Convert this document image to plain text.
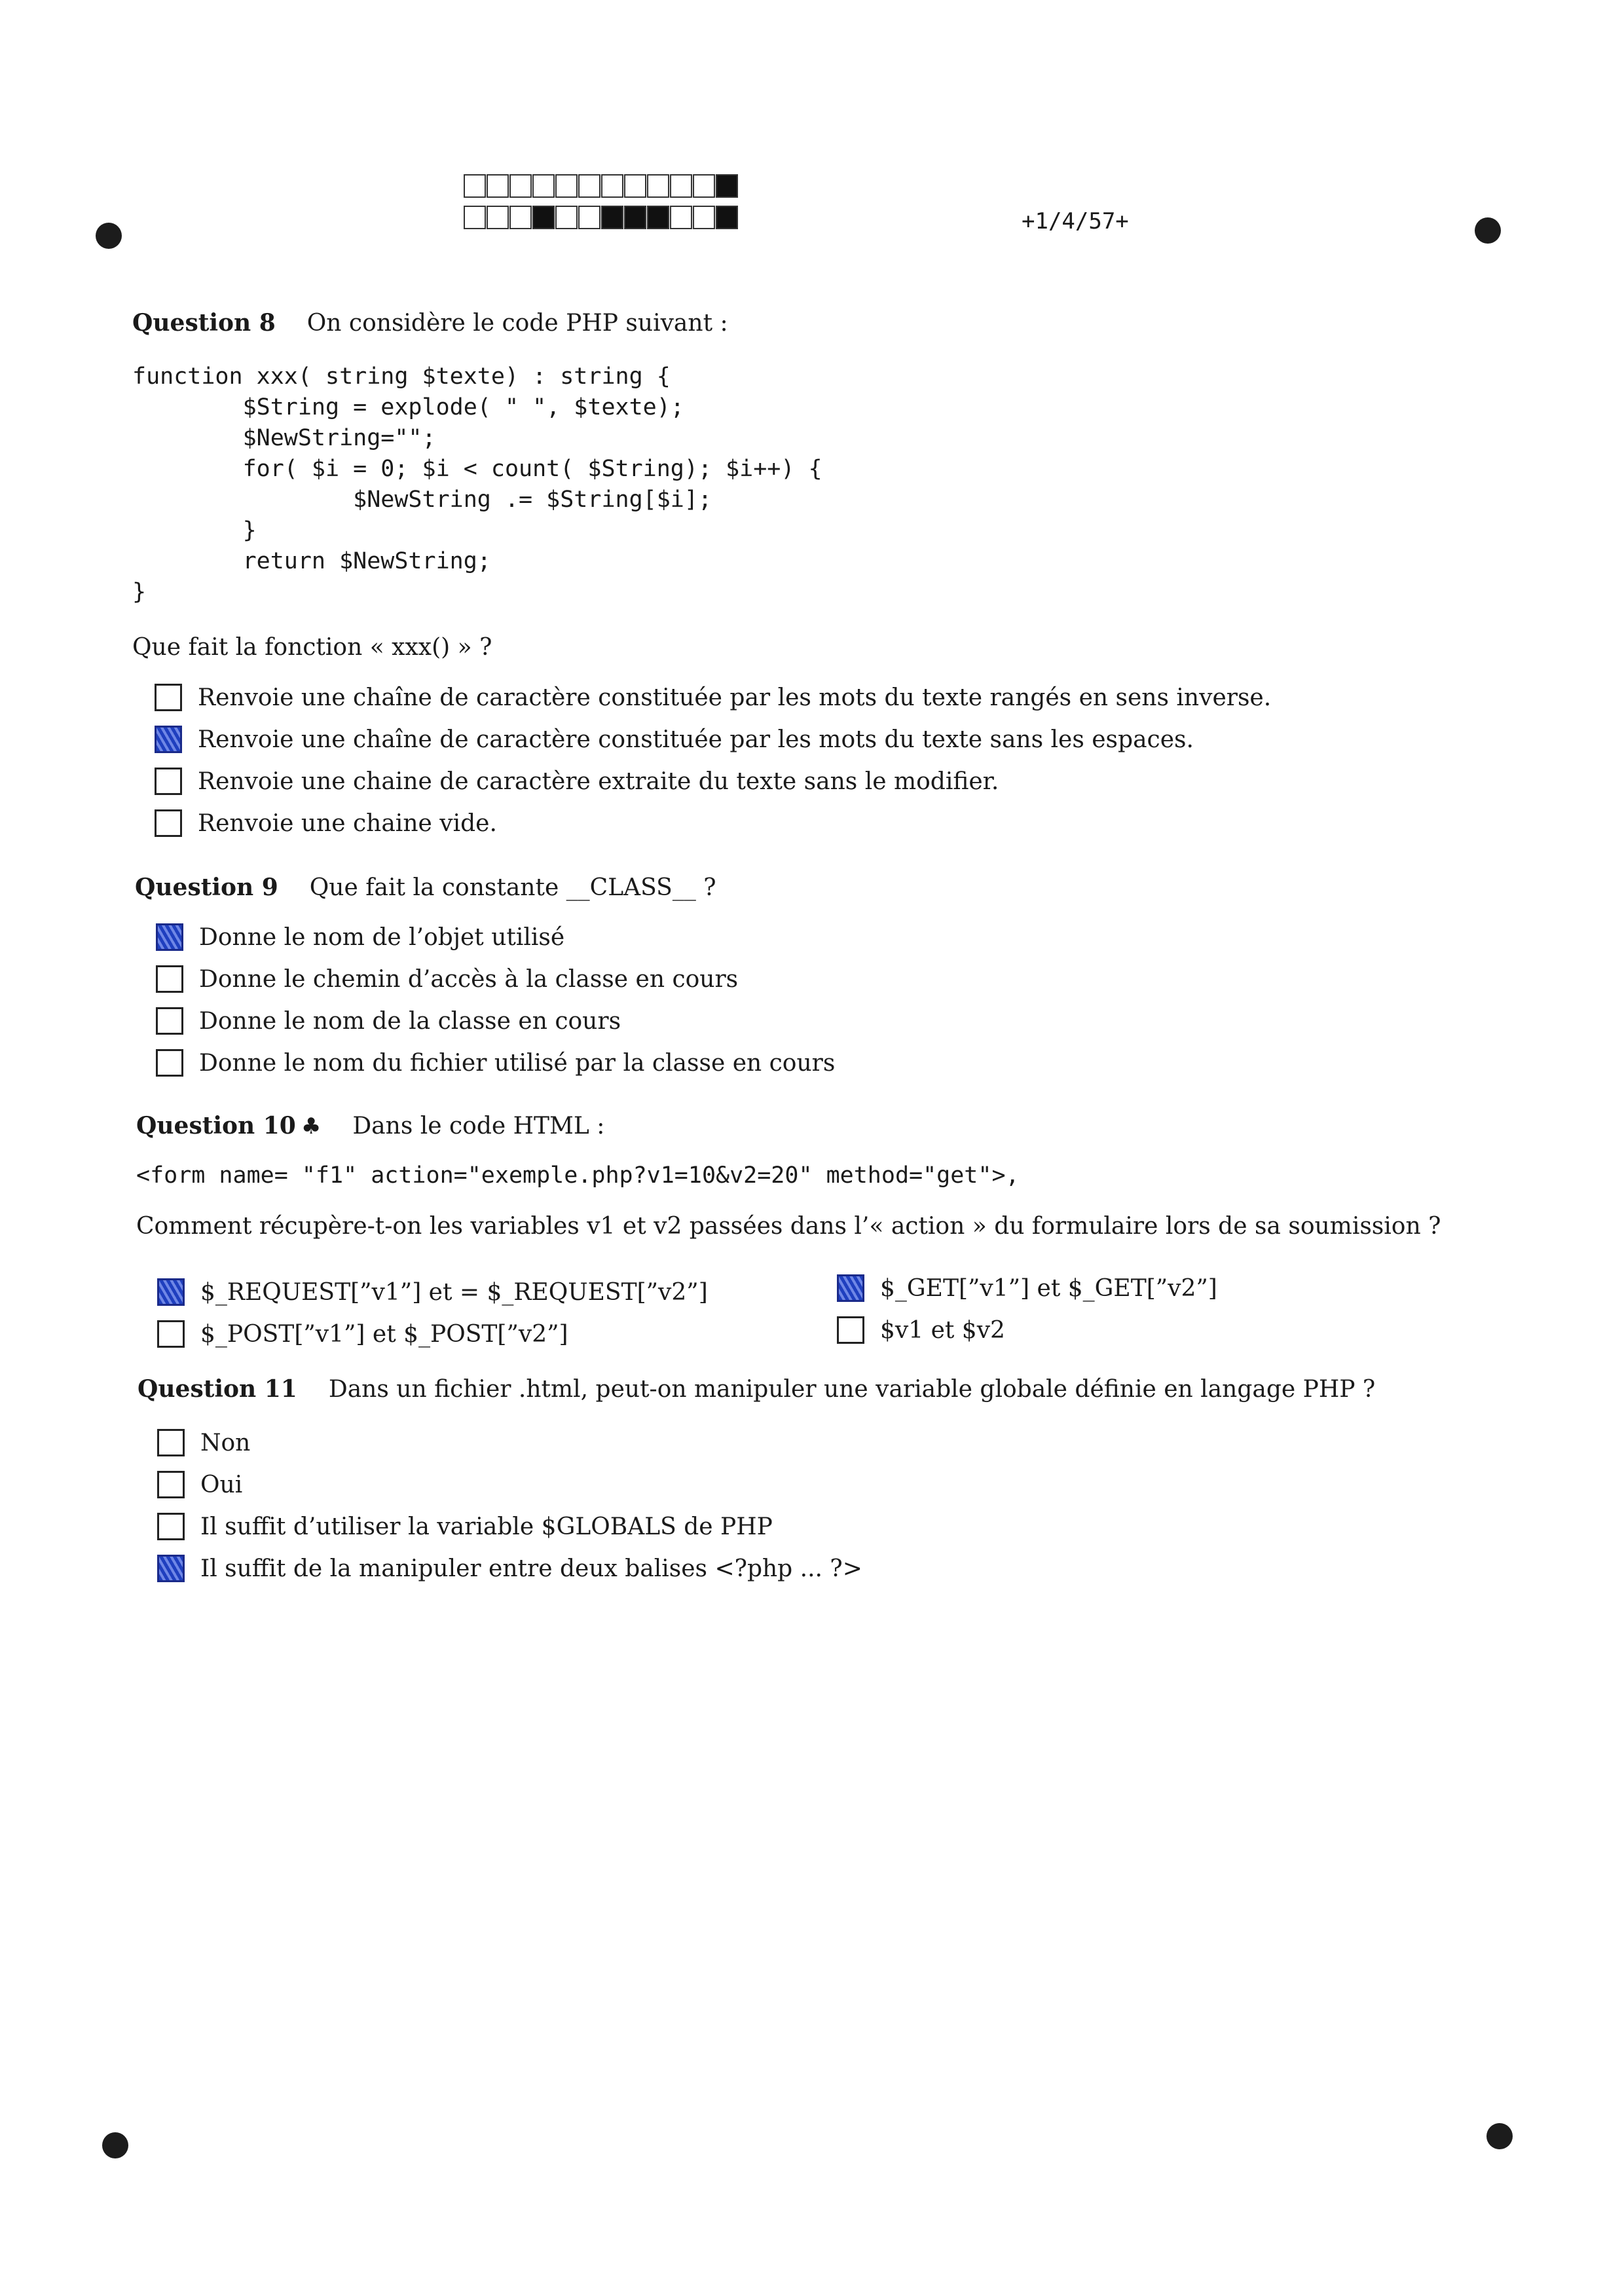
+1/4/57+
Question 8 On considère le code PHP suivant :
function xxx( string $texte) : string {
$String = explode( " ", $texte);
$NewString="";
for( $i = 0; $i < count( $String); $i++) {
$NewString .= $String[$i];
}
return $NewString;
}
Que fait la fonction « xxx() » ?
Renvoie une chaîne de caractère constituée par les mots du texte rangés en sens inverse.
Renvoie une chaîne de caractère constituée par les mots du texte sans les espaces.
Renvoie une chaine de caractère extraite du texte sans le modifier.
Renvoie une chaine vide.
Question 9 Que fait la constante __CLASS__ ?
Donne le nom de l’objet utilisé
Donne le chemin d’accès à la classe en cours
Donne le nom de la classe en cours
Donne le nom du fichier utilisé par la classe en cours
Question 10 ♣ Dans le code HTML :
<form name= "f1" action="exemple.php?v1=10&v2=20" method="get">,
Comment récupère-t-on les variables v1 et v2 passées dans l’« action » du formulaire lors de sa soumission ?
$_REQUEST[”v1”] et = $_REQUEST[”v2”]	$_GET[”v1”] et $_GET[”v2”]
$_POST[”v1”] et $_POST[”v2”]	$v1 et $v2
Question 11 Dans un fichier .html, peut-on manipuler une variable globale définie en langage PHP ?
Non
Oui
Il suffit d’utiliser la variable $GLOBALS de PHP
Il suffit de la manipuler entre deux balises <?php ... ?>
